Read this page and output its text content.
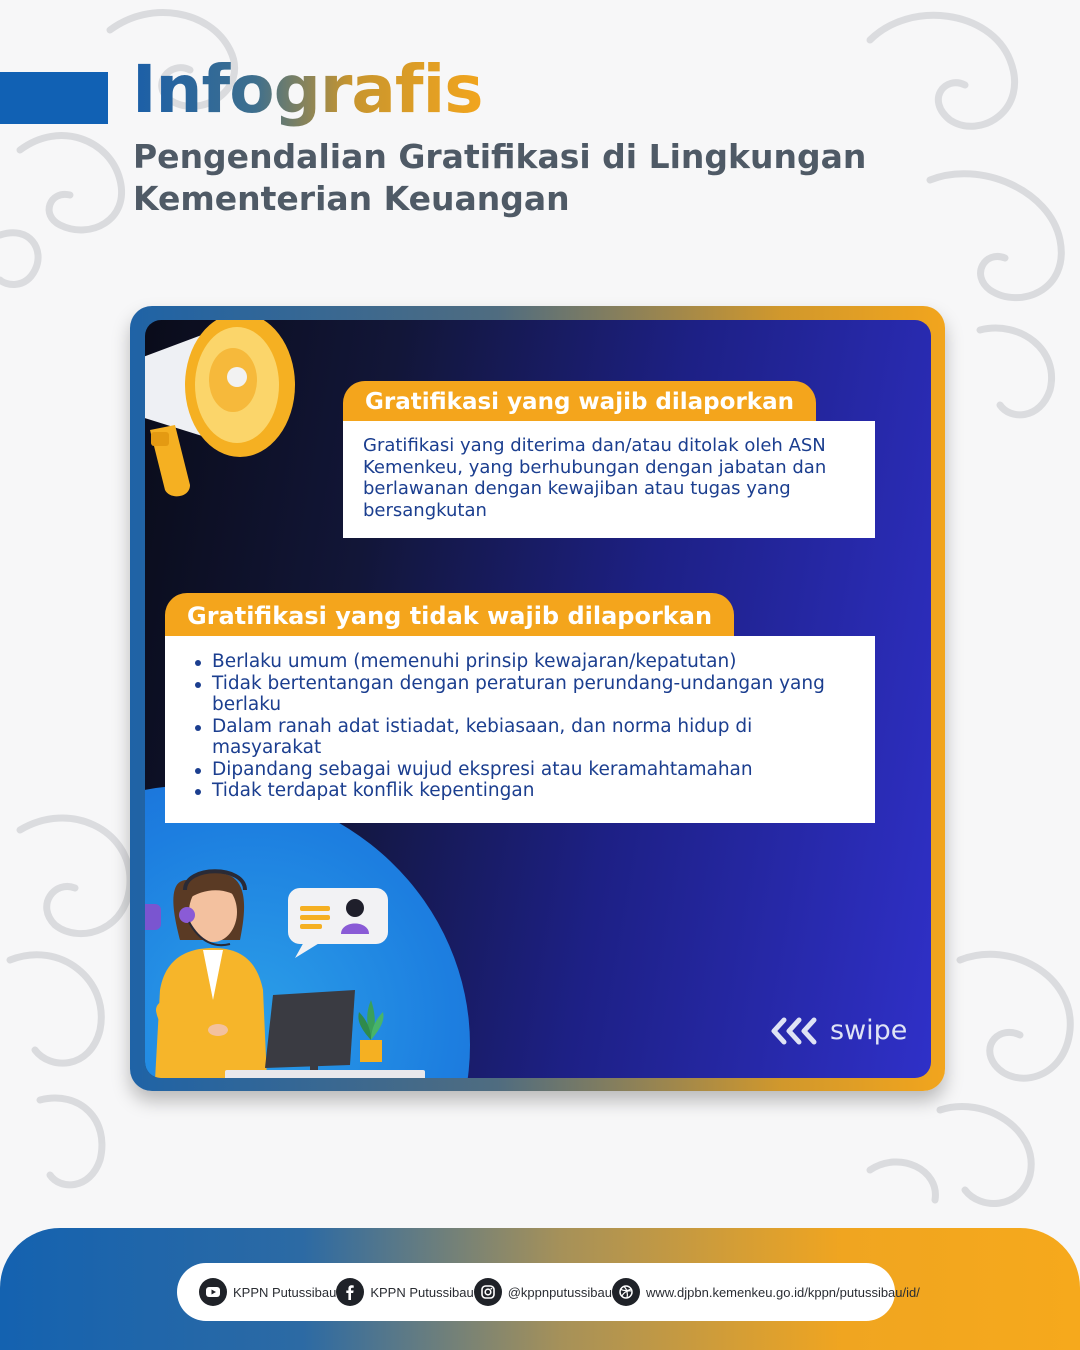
Infografis
Pengendalian Gratifikasi di Lingkungan Kementerian Keuangan
Gratifikasi yang wajib dilaporkan
Gratifikasi yang diterima dan/atau ditolak oleh ASN Kemenkeu, yang berhubungan dengan jabatan dan berlawanan dengan kewajiban atau tugas yang bersangkutan
Gratifikasi yang tidak wajib dilaporkan
Berlaku umum (memenuhi prinsip kewajaran/kepatutan)
Tidak bertentangan dengan peraturan perundang-undangan yang berlaku
Dalam ranah adat istiadat, kebiasaan, dan norma hidup di masyarakat
Dipandang sebagai wujud ekspresi atau keramahtamahan
Tidak terdapat konflik kepentingan
swipe
KPPN Putussibau	KPPN Putussibau	@kppnputussibau	www.djpbn.kemenkeu.go.id/kppn/putussibau/id/
